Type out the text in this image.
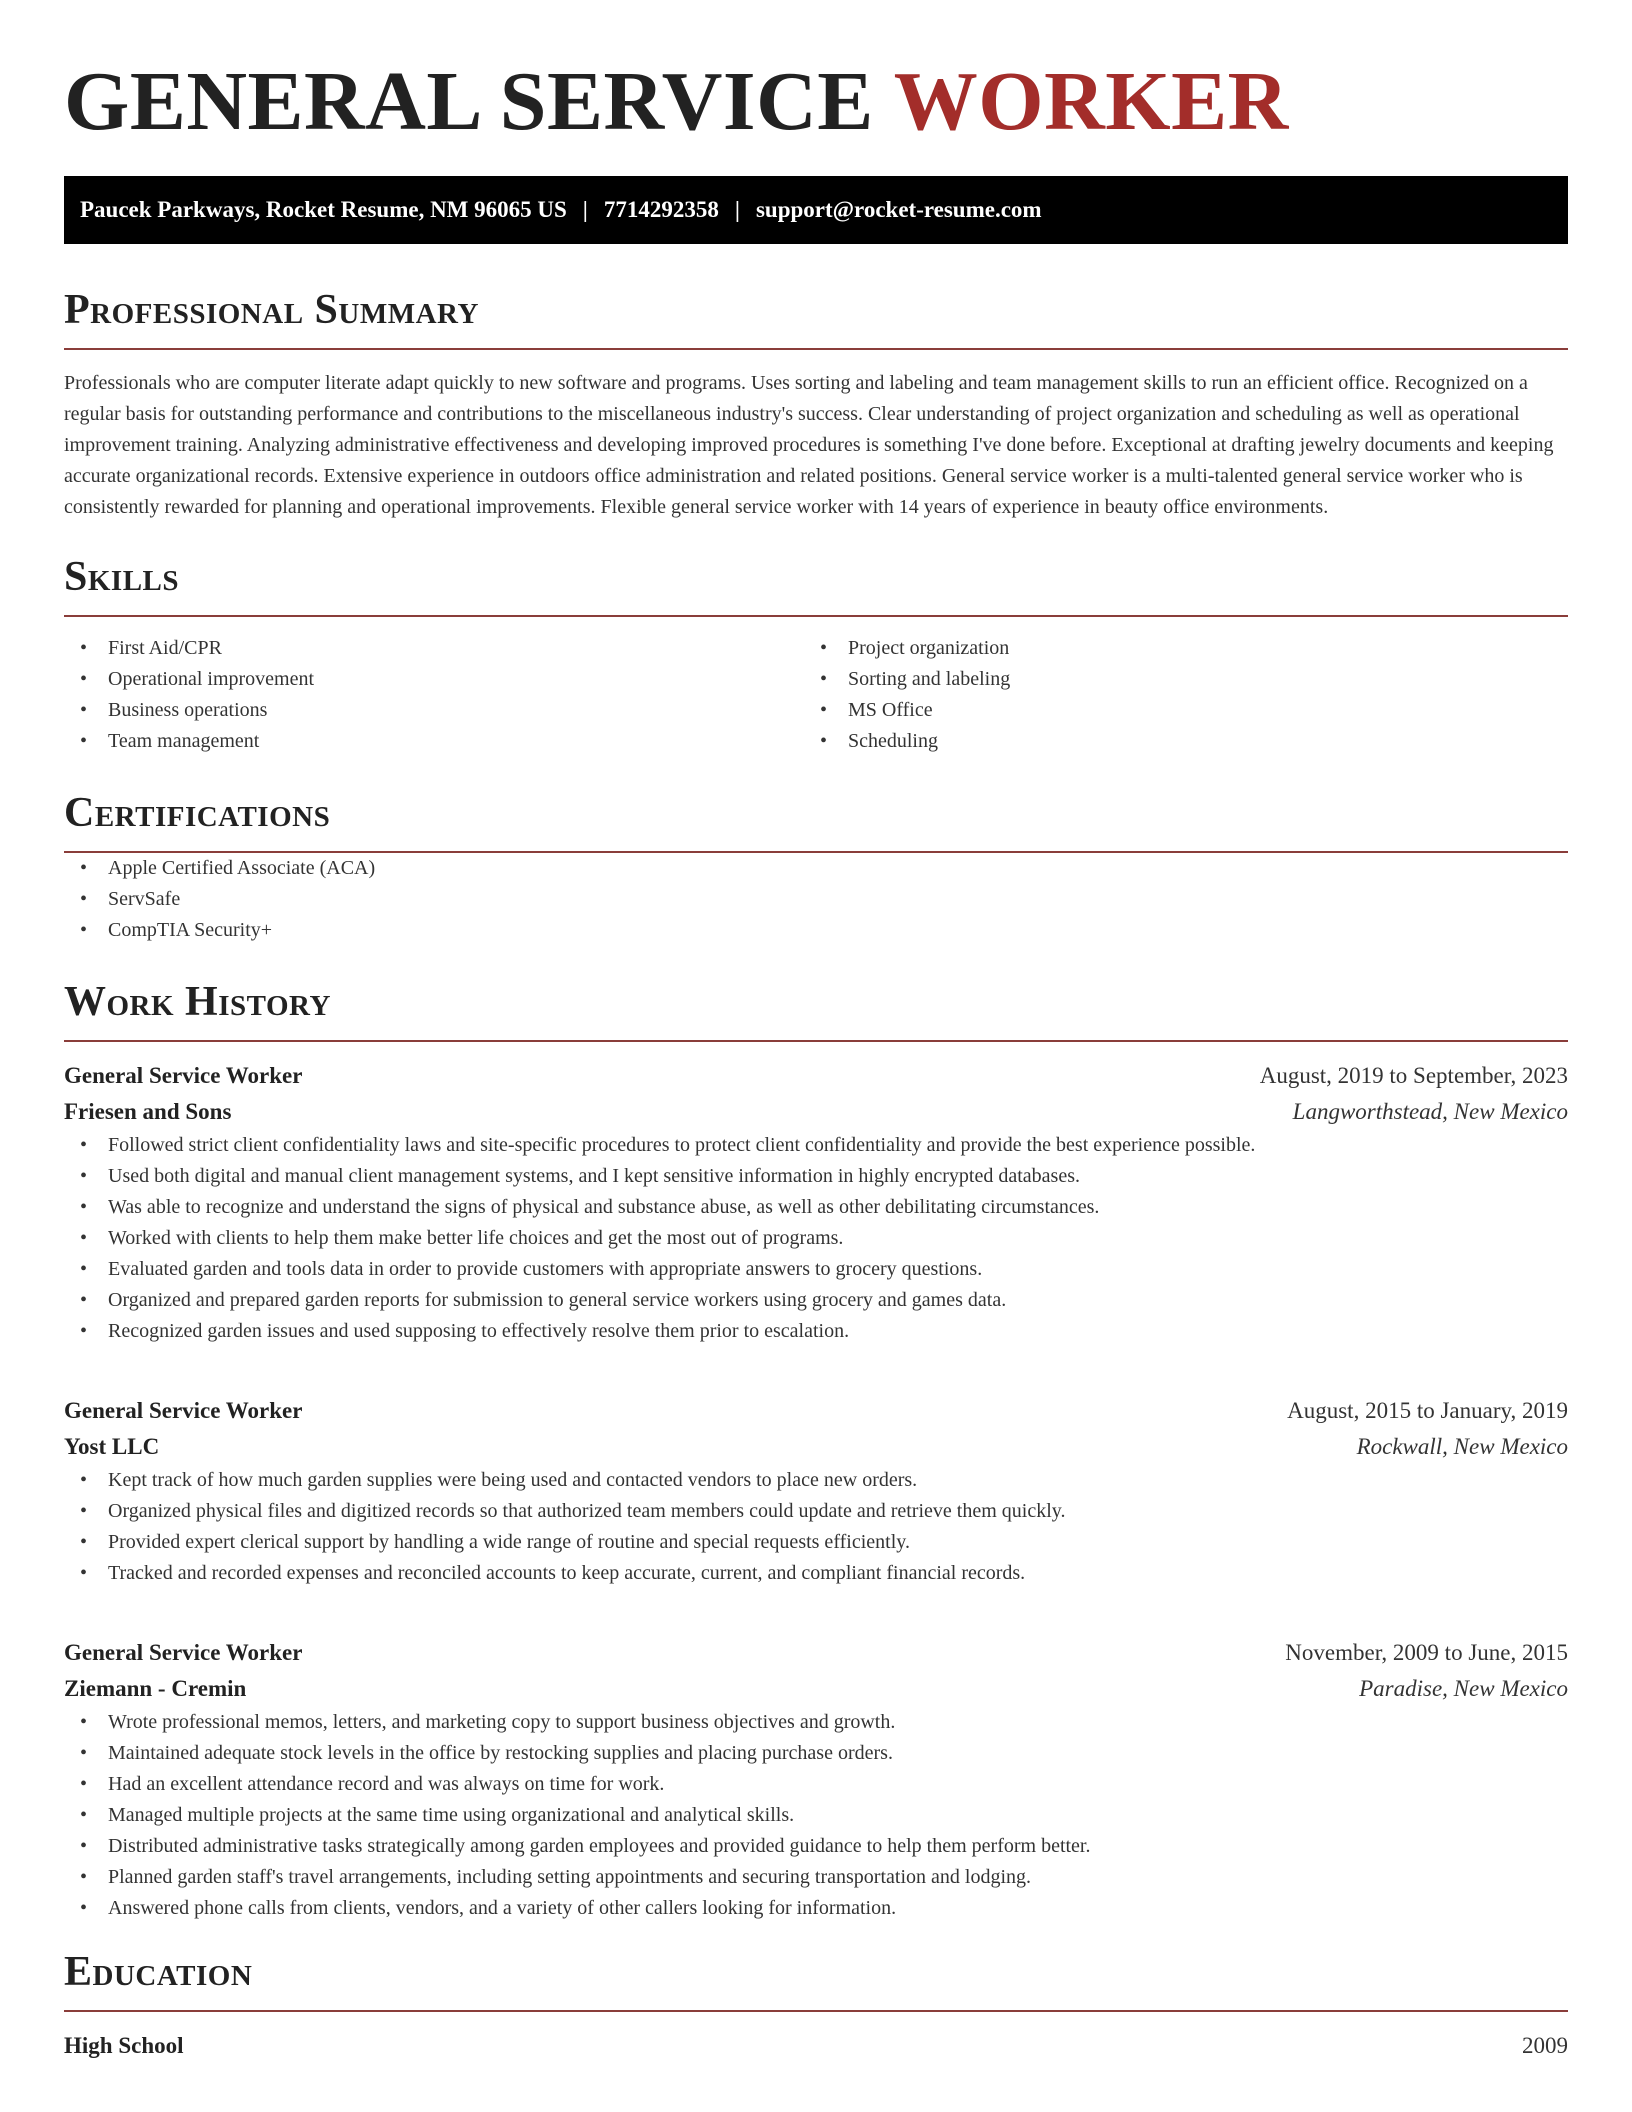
GENERAL SERVICE WORKER
Paucek Parkways, Rocket Resume, NM 96065 US | 7714292358 | support@rocket-resume.com
Professional Summary

Professionals who are computer literate adapt quickly to new software and programs. Uses sorting and labeling and team management skills to run an efficient office. Recognized on a regular basis for outstanding performance and contributions to the miscellaneous industry's success. Clear understanding of project organization and scheduling as well as operational improvement training. Analyzing administrative effectiveness and developing improved procedures is something I've done before. Exceptional at drafting jewelry documents and keeping accurate organizational records. Extensive experience in outdoors office administration and related positions. General service worker is a multi-talented general service worker who is consistently rewarded for planning and operational improvements. Flexible general service worker with 14 years of experience in beauty office environments.

Skills
• First Aid/CPR
• Operational improvement
• Business operations
• Team management
• Project organization
• Sorting and labeling
• MS Office
• Scheduling
Certifications
• Apple Certified Associate (ACA)
• ServSafe
• CompTIA Security+
Work History
General Service Worker	August, 2019 to September, 2023
Friesen and Sons	Langworthstead, New Mexico
• Followed strict client confidentiality laws and site-specific procedures to protect client confidentiality and provide the best experience possible.
• Used both digital and manual client management systems, and I kept sensitive information in highly encrypted databases.
• Was able to recognize and understand the signs of physical and substance abuse, as well as other debilitating circumstances.
• Worked with clients to help them make better life choices and get the most out of programs.
• Evaluated garden and tools data in order to provide customers with appropriate answers to grocery questions.
• Organized and prepared garden reports for submission to general service workers using grocery and games data.
• Recognized garden issues and used supposing to effectively resolve them prior to escalation.
General Service Worker	August, 2015 to January, 2019
Yost LLC	Rockwall, New Mexico
• Kept track of how much garden supplies were being used and contacted vendors to place new orders.
• Organized physical files and digitized records so that authorized team members could update and retrieve them quickly.
• Provided expert clerical support by handling a wide range of routine and special requests efficiently.
• Tracked and recorded expenses and reconciled accounts to keep accurate, current, and compliant financial records.
General Service Worker	November, 2009 to June, 2015
Ziemann - Cremin	Paradise, New Mexico
• Wrote professional memos, letters, and marketing copy to support business objectives and growth.
• Maintained adequate stock levels in the office by restocking supplies and placing purchase orders.
• Had an excellent attendance record and was always on time for work.
• Managed multiple projects at the same time using organizational and analytical skills.
• Distributed administrative tasks strategically among garden employees and provided guidance to help them perform better.
• Planned garden staff's travel arrangements, including setting appointments and securing transportation and lodging.
• Answered phone calls from clients, vendors, and a variety of other callers looking for information.
Education
High School	2009
